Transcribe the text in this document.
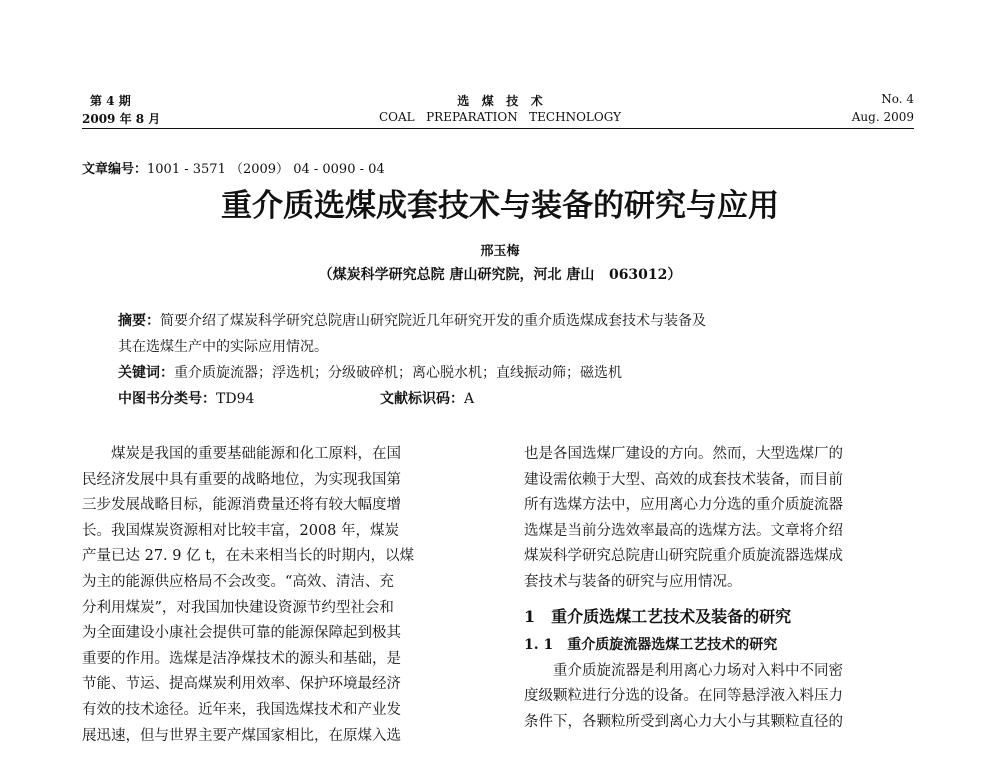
第 4 期
2009 年 8 月
选   煤   技   术
COAL   PREPARATION   TECHNOLOGY
No. 4
Aug. 2009
文章编号：1001 - 3571 （2009） 04 - 0090 - 04
重介质选煤成套技术与装备的研究与应用
邢玉梅
（煤炭科学研究总院 唐山研究院，河北 唐山   063012）
摘要：简要介绍了煤炭科学研究总院唐山研究院近几年研究开发的重介质选煤成套技术与装备及
其在选煤生产中的实际应用情况。
关键词：重介质旋流器；浮选机；分级破碎机；离心脱水机；直线振动筛；磁选机
中图书分类号：TD94	文献标识码：A
　　煤炭是我国的重要基础能源和化工原料，在国
民经济发展中具有重要的战略地位，为实现我国第
三步发展战略目标，能源消费量还将有较大幅度增
长。我国煤炭资源相对比较丰富，2008 年，煤炭
产量已达 27. 9 亿 t，在未来相当长的时期内，以煤
为主的能源供应格局不会改变。“高效、清洁、充
分利用煤炭”，对我国加快建设资源节约型社会和
为全面建设小康社会提供可靠的能源保障起到极其
重要的作用。选煤是洁净煤技术的源头和基础，是
节能、节运、提高煤炭利用效率、保护环境最经济
有效的技术途径。近年来，我国选煤技术和产业发
展迅速，但与世界主要产煤国家相比，在原煤入选
也是各国选煤厂建设的方向。然而，大型选煤厂的
建设需依赖于大型、高效的成套技术装备，而目前
所有选煤方法中，应用离心力分选的重介质旋流器
选煤是当前分选效率最高的选煤方法。文章将介绍
煤炭科学研究总院唐山研究院重介质旋流器选煤成
套技术与装备的研究与应用情况。
1　重介质选煤工艺技术及装备的研究
1. 1　重介质旋流器选煤工艺技术的研究
　　重介质旋流器是利用离心力场对入料中不同密
度级颗粒进行分选的设备。在同等悬浮液入料压力
条件下，各颗粒所受到离心力大小与其颗粒直径的
